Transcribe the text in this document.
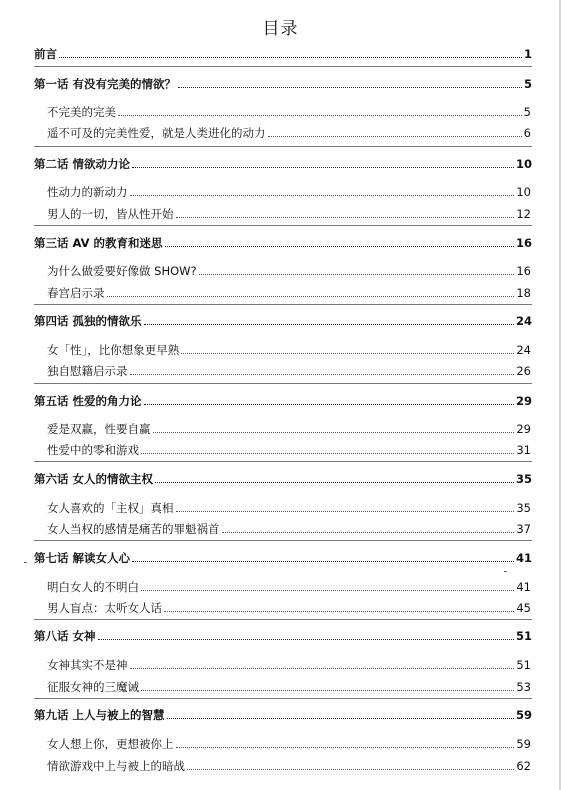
目录
前言	1
第一话 有没有完美的情欲？	5
不完美的完美	5
遥不可及的完美性爱，就是人类进化的动力	6
第二话 情欲动力论	10
性动力的新动力	10
男人的一切，皆从性开始	12
第三话 AV 的教育和迷思	16
为什么做爱要好像做 SHOW?	16
春宫启示录	18
第四话 孤独的情欲乐	24
女「性」，比你想象更早熟	24
独自慰籍启示录	26
第五话 性爱的角力论	29
爱是双赢，性要自赢	29
性爱中的零和游戏	31
第六话 女人的情欲主权	35
女人喜欢的「主权」真相	35
女人当权的感情是痛苦的罪魁祸首	37
第七话 解读女人心	41
明白女人的不明白	41
男人盲点：太听女人话	45
第八话 女神	51
女神其实不是神	51
征服女神的三魔诫	53
第九话 上人与被上的智慧	59
女人想上你，更想被你上	59
情欲游戏中上与被上的暗战	62
